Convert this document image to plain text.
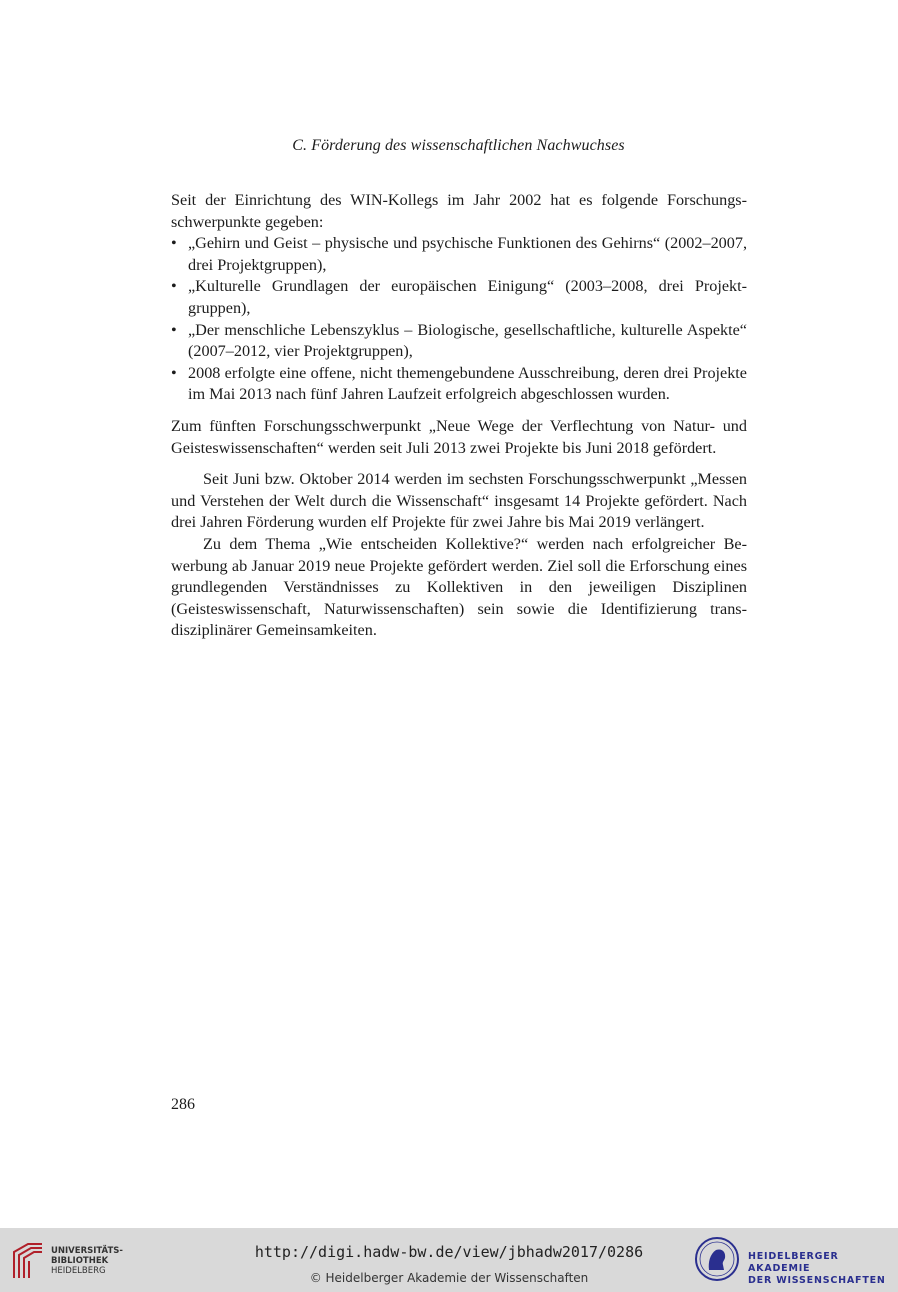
C. Förderung des wissenschaftlichen Nachwuchses

Seit der Einrichtung des WIN-Kollegs im Jahr 2002 hat es folgende Forschungsschwerpunkte gegeben:

• „Gehirn und Geist – physische und psychische Funktionen des Gehirns“ (2002–2007, drei Projektgruppen),
• „Kulturelle Grundlagen der europäischen Einigung“ (2003–2008, drei Projektgruppen),
• „Der menschliche Lebenszyklus – Biologische, gesellschaftliche, kulturelle Aspekte“ (2007–2012, vier Projektgruppen),
• 2008 erfolgte eine offene, nicht themengebundene Ausschreibung, deren drei Projekte im Mai 2013 nach fünf Jahren Laufzeit erfolgreich abgeschlossen wurden.

Zum fünften Forschungsschwerpunkt „Neue Wege der Verflechtung von Natur- und Geisteswissenschaften“ werden seit Juli 2013 zwei Projekte bis Juni 2018 gefördert.

Seit Juni bzw. Oktober 2014 werden im sechsten Forschungsschwerpunkt „Messen und Verstehen der Welt durch die Wissenschaft“ insgesamt 14 Projekte gefördert. Nach drei Jahren Förderung wurden elf Projekte für zwei Jahre bis Mai 2019 verlängert.

Zu dem Thema „Wie entscheiden Kollektive?“ werden nach erfolgreicher Bewerbung ab Januar 2019 neue Projekte gefördert werden. Ziel soll die Erforschung eines grundlegenden Verständnisses zu Kollektiven in den jeweiligen Disziplinen (Geisteswissenschaft, Naturwissenschaften) sein sowie die Identifizierung transdisziplinärer Gemeinsamkeiten.

286
UNIVERSITÄTS-
BIBLIOTHEK
HEIDELBERG
http://digi.hadw-bw.de/view/jbhadw2017/0286
© Heidelberger Akademie der Wissenschaften
HEIDELBERGER AKADEMIE
DER WISSENSCHAFTEN
